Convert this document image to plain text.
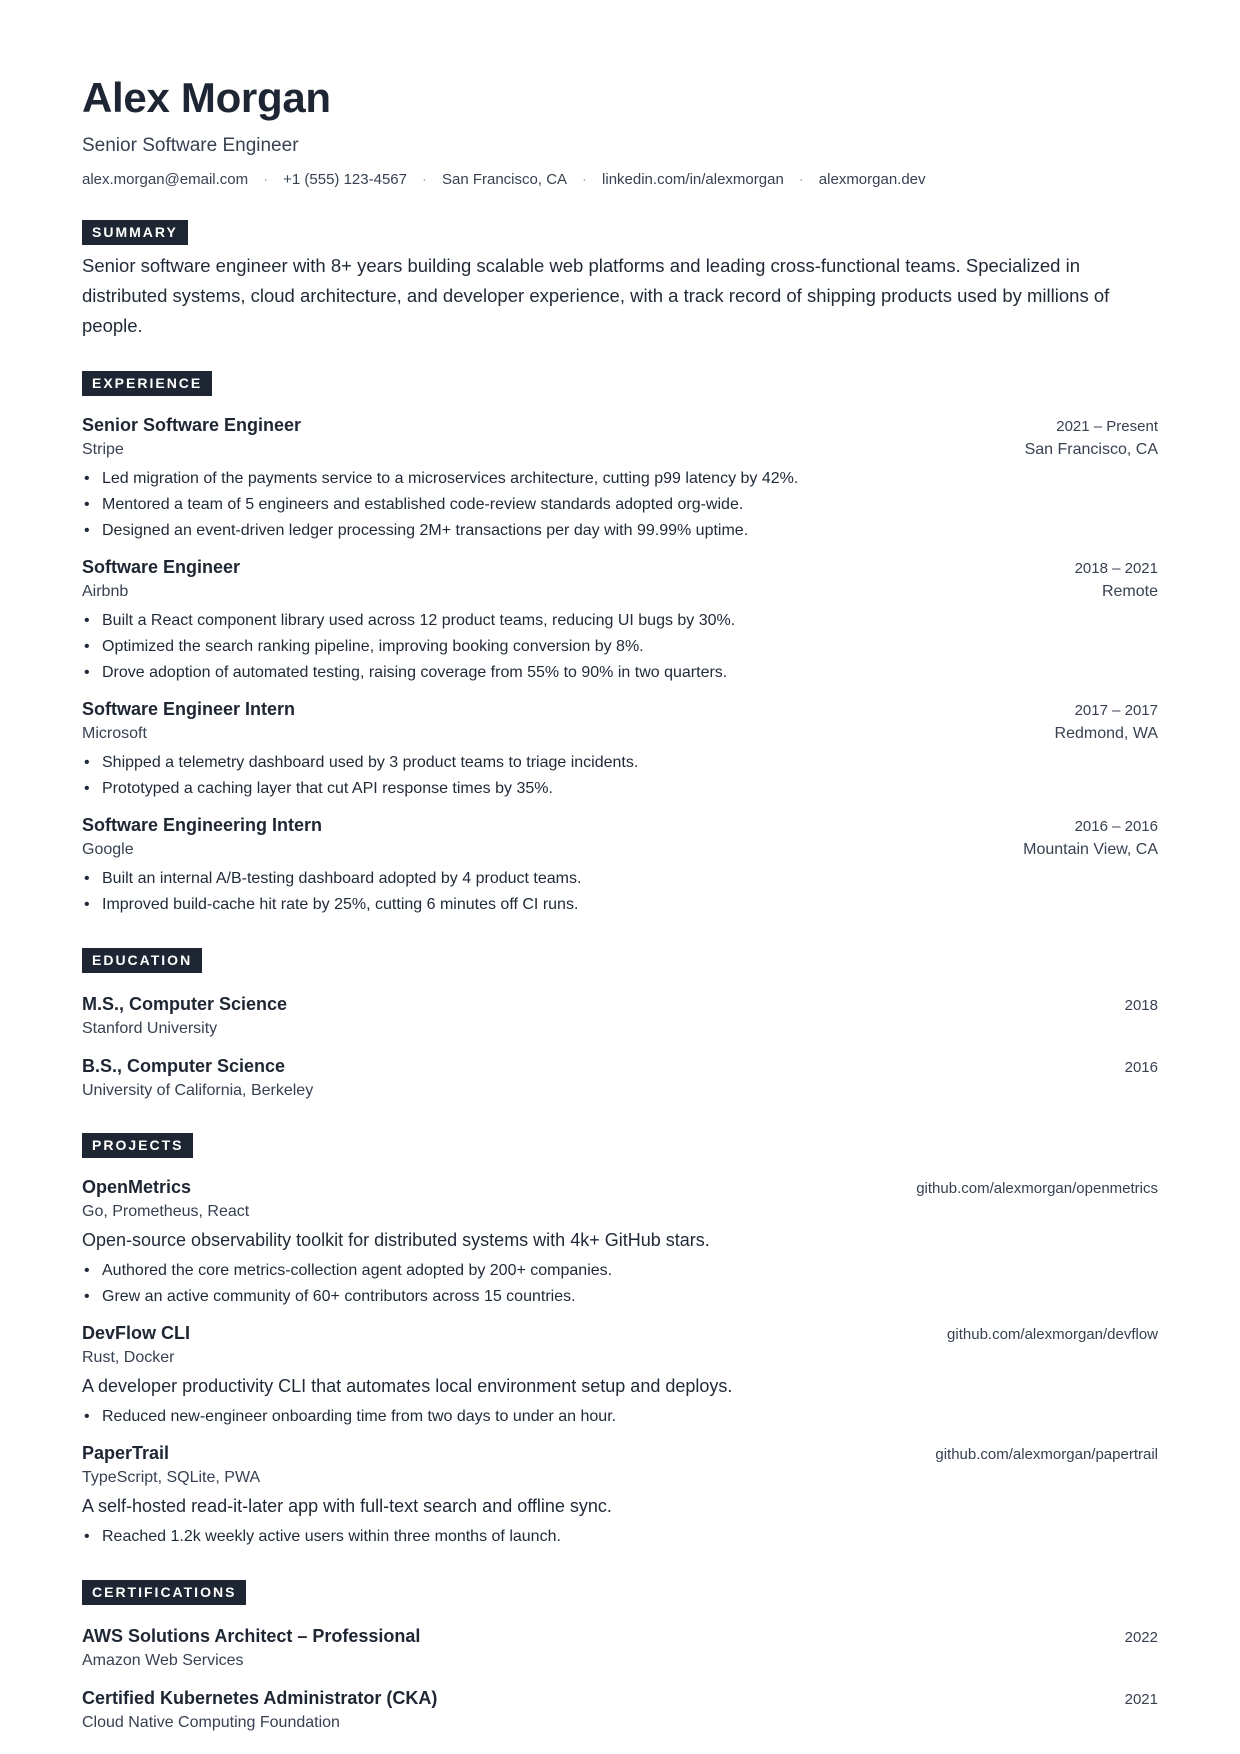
Alex Morgan
Senior Software Engineer
alex.morgan@email.com · +1 (555) 123-4567 · San Francisco, CA · linkedin.com/in/alexmorgan · alexmorgan.dev
SUMMARY

Senior software engineer with 8+ years building scalable web platforms and leading cross-functional teams. Specialized in distributed systems, cloud architecture, and developer experience, with a track record of shipping products used by millions of people.

EXPERIENCE
Senior Software Engineer	2021 – Present
Stripe	San Francisco, CA
• Led migration of the payments service to a microservices architecture, cutting p99 latency by 42%.
• Mentored a team of 5 engineers and established code-review standards adopted org-wide.
• Designed an event-driven ledger processing 2M+ transactions per day with 99.99% uptime.
Software Engineer	2018 – 2021
Airbnb	Remote
• Built a React component library used across 12 product teams, reducing UI bugs by 30%.
• Optimized the search ranking pipeline, improving booking conversion by 8%.
• Drove adoption of automated testing, raising coverage from 55% to 90% in two quarters.
Software Engineer Intern	2017 – 2017
Microsoft	Redmond, WA
• Shipped a telemetry dashboard used by 3 product teams to triage incidents.
• Prototyped a caching layer that cut API response times by 35%.
Software Engineering Intern	2016 – 2016
Google	Mountain View, CA
• Built an internal A/B-testing dashboard adopted by 4 product teams.
• Improved build-cache hit rate by 25%, cutting 6 minutes off CI runs.
EDUCATION
M.S., Computer Science	2018
Stanford University
B.S., Computer Science	2016
University of California, Berkeley
PROJECTS
OpenMetrics	github.com/alexmorgan/openmetrics
Go, Prometheus, React
Open-source observability toolkit for distributed systems with 4k+ GitHub stars.
• Authored the core metrics-collection agent adopted by 200+ companies.
• Grew an active community of 60+ contributors across 15 countries.
DevFlow CLI	github.com/alexmorgan/devflow
Rust, Docker
A developer productivity CLI that automates local environment setup and deploys.
• Reduced new-engineer onboarding time from two days to under an hour.
PaperTrail	github.com/alexmorgan/papertrail
TypeScript, SQLite, PWA
A self-hosted read-it-later app with full-text search and offline sync.
• Reached 1.2k weekly active users within three months of launch.
CERTIFICATIONS
AWS Solutions Architect – Professional	2022
Amazon Web Services
Certified Kubernetes Administrator (CKA)	2021
Cloud Native Computing Foundation
